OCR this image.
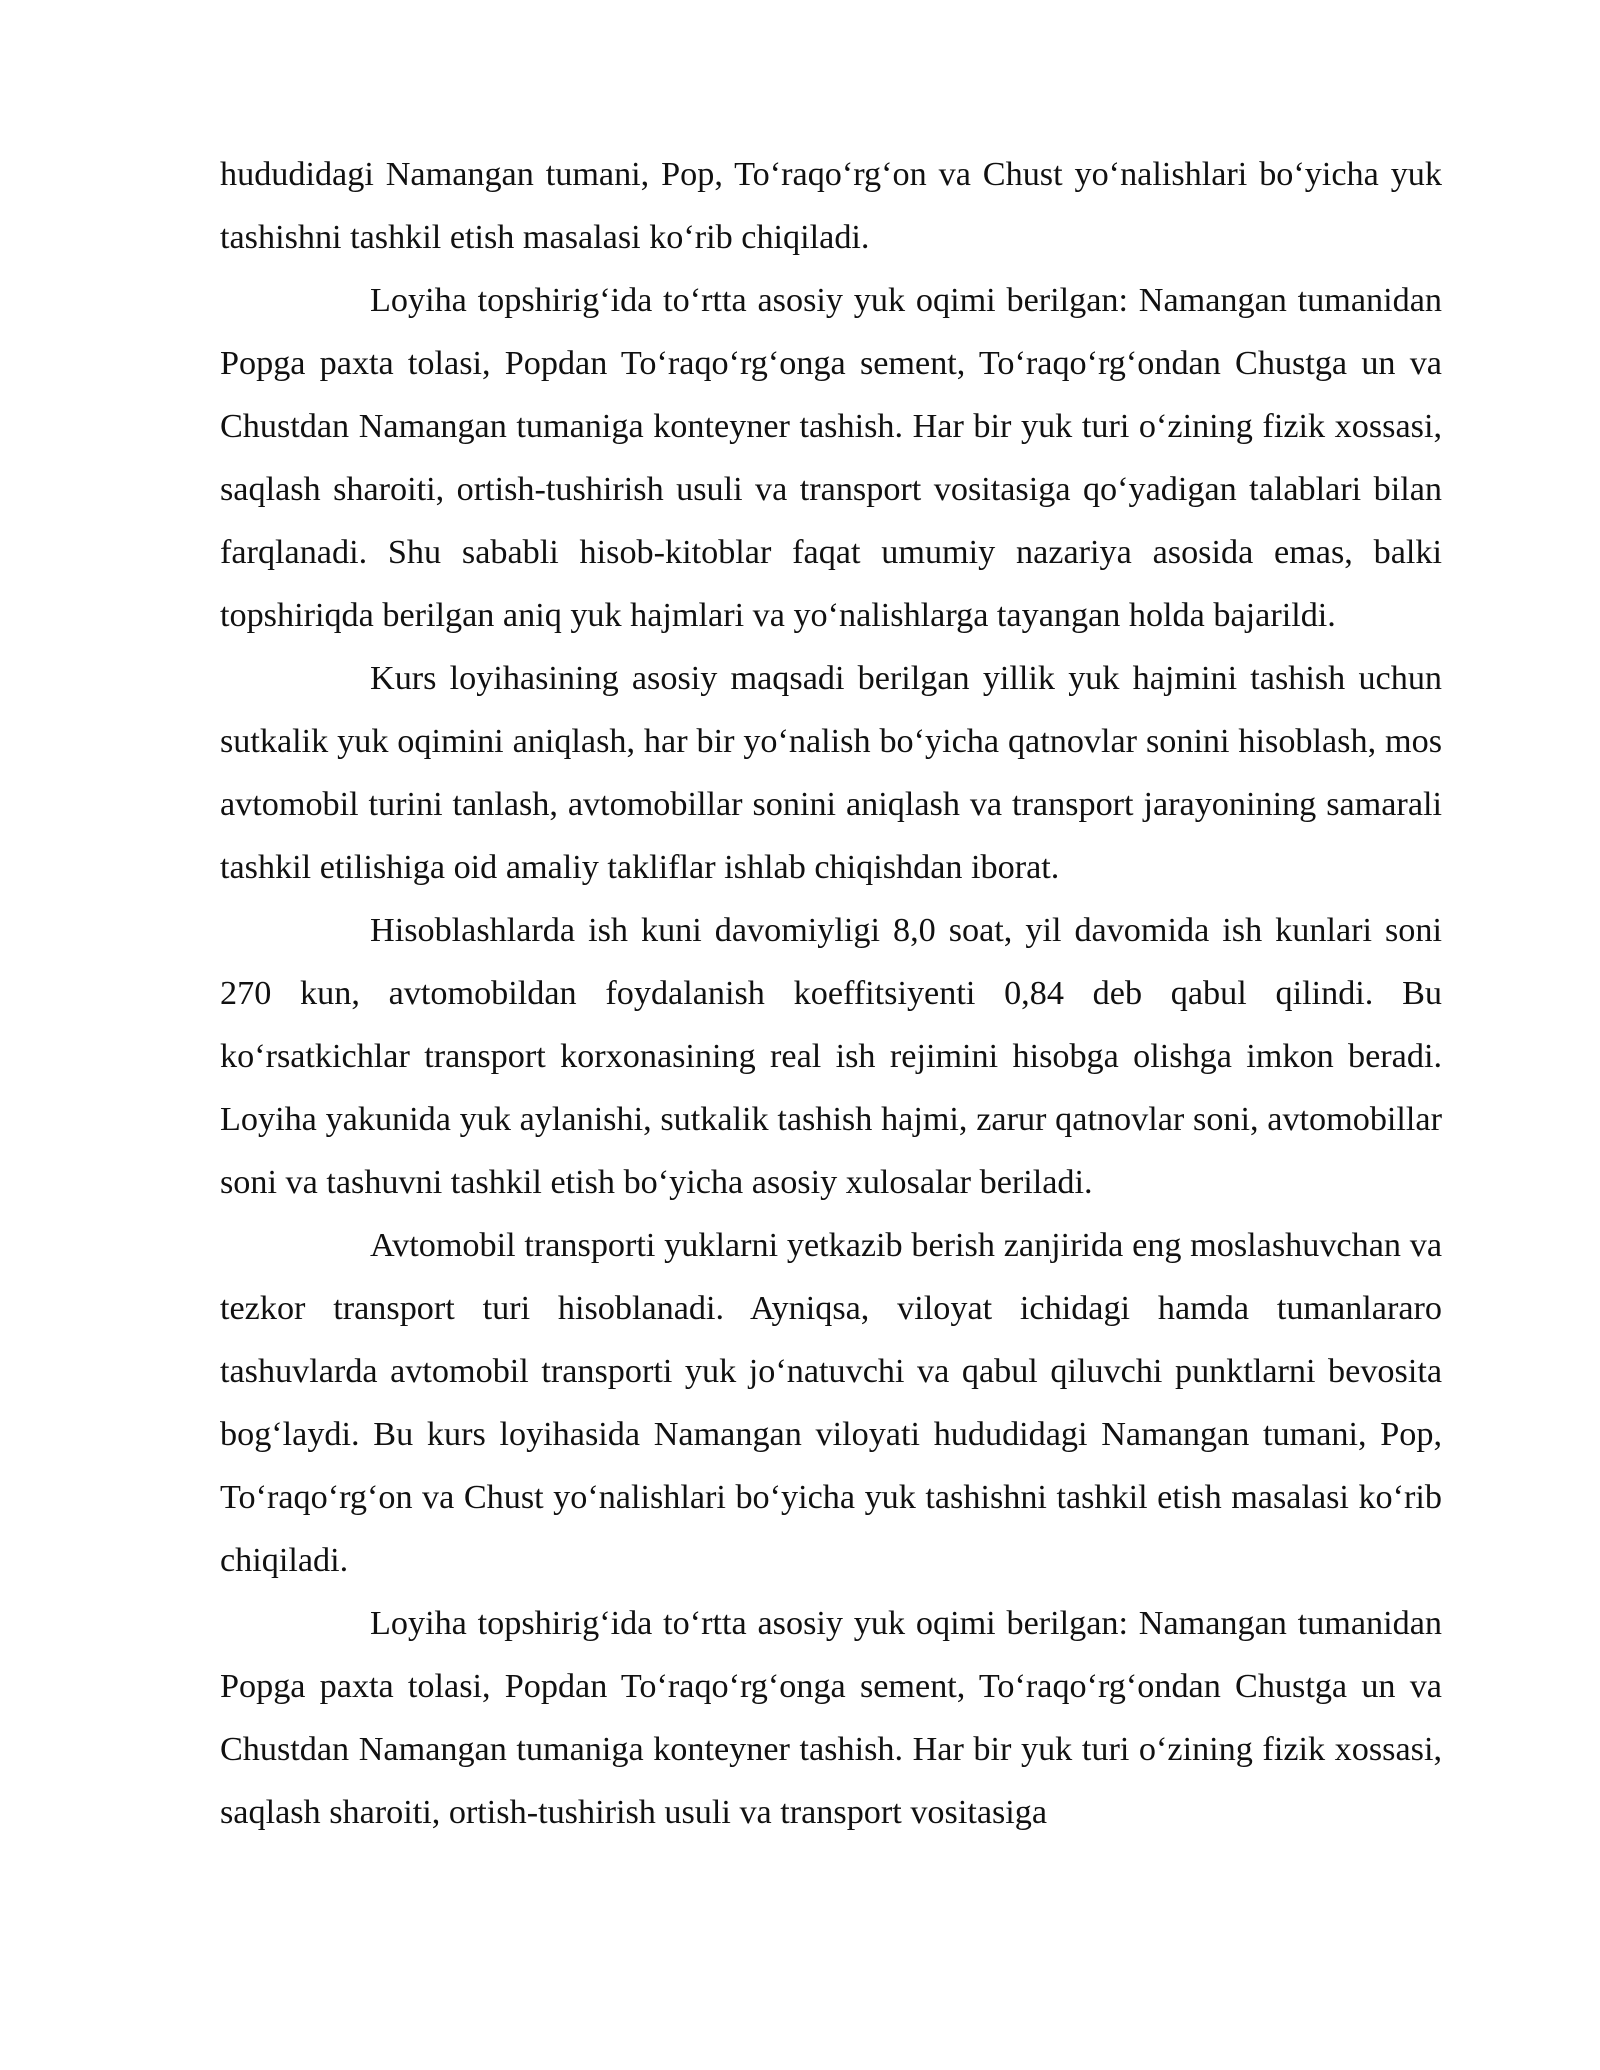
hududidagi Namangan tumani, Pop, To‘raqo‘rg‘on va Chust yo‘nalishlari bo‘yicha yuk tashishni tashkil etish masalasi ko‘rib chiqiladi.

Loyiha topshirig‘ida to‘rtta asosiy yuk oqimi berilgan: Namangan tumanidan Popga paxta tolasi, Popdan To‘raqo‘rg‘onga sement, To‘raqo‘rg‘ondan Chustga un va Chustdan Namangan tumaniga konteyner tashish. Har bir yuk turi o‘zining fizik xossasi, saqlash sharoiti, ortish-tushirish usuli va transport vositasiga qo‘yadigan talablari bilan farqlanadi. Shu sababli hisob-kitoblar faqat umumiy nazariya asosida emas, balki topshiriqda berilgan aniq yuk hajmlari va yo‘nalishlarga tayangan holda bajarildi.

Kurs loyihasining asosiy maqsadi berilgan yillik yuk hajmini tashish uchun sutkalik yuk oqimini aniqlash, har bir yo‘nalish bo‘yicha qatnovlar sonini hisoblash, mos avtomobil turini tanlash, avtomobillar sonini aniqlash va transport jarayonining samarali tashkil etilishiga oid amaliy takliflar ishlab chiqishdan iborat.

Hisoblashlarda ish kuni davomiyligi 8,0 soat, yil davomida ish kunlari soni 270 kun, avtomobildan foydalanish koeffitsiyenti 0,84 deb qabul qilindi. Bu ko‘rsatkichlar transport korxonasining real ish rejimini hisobga olishga imkon beradi. Loyiha yakunida yuk aylanishi, sutkalik tashish hajmi, zarur qatnovlar soni, avtomobillar soni va tashuvni tashkil etish bo‘yicha asosiy xulosalar beriladi.

Avtomobil transporti yuklarni yetkazib berish zanjirida eng moslashuvchan va tezkor transport turi hisoblanadi. Ayniqsa, viloyat ichidagi hamda tumanlararo tashuvlarda avtomobil transporti yuk jo‘natuvchi va qabul qiluvchi punktlarni bevosita bog‘laydi. Bu kurs loyihasida Namangan viloyati hududidagi Namangan tumani, Pop, To‘raqo‘rg‘on va Chust yo‘nalishlari bo‘yicha yuk tashishni tashkil etish masalasi ko‘rib chiqiladi.

Loyiha topshirig‘ida to‘rtta asosiy yuk oqimi berilgan: Namangan tumanidan Popga paxta tolasi, Popdan To‘raqo‘rg‘onga sement, To‘raqo‘rg‘ondan Chustga un va Chustdan Namangan tumaniga konteyner tashish. Har bir yuk turi o‘zining fizik xossasi, saqlash sharoiti, ortish-tushirish usuli va transport vositasiga
